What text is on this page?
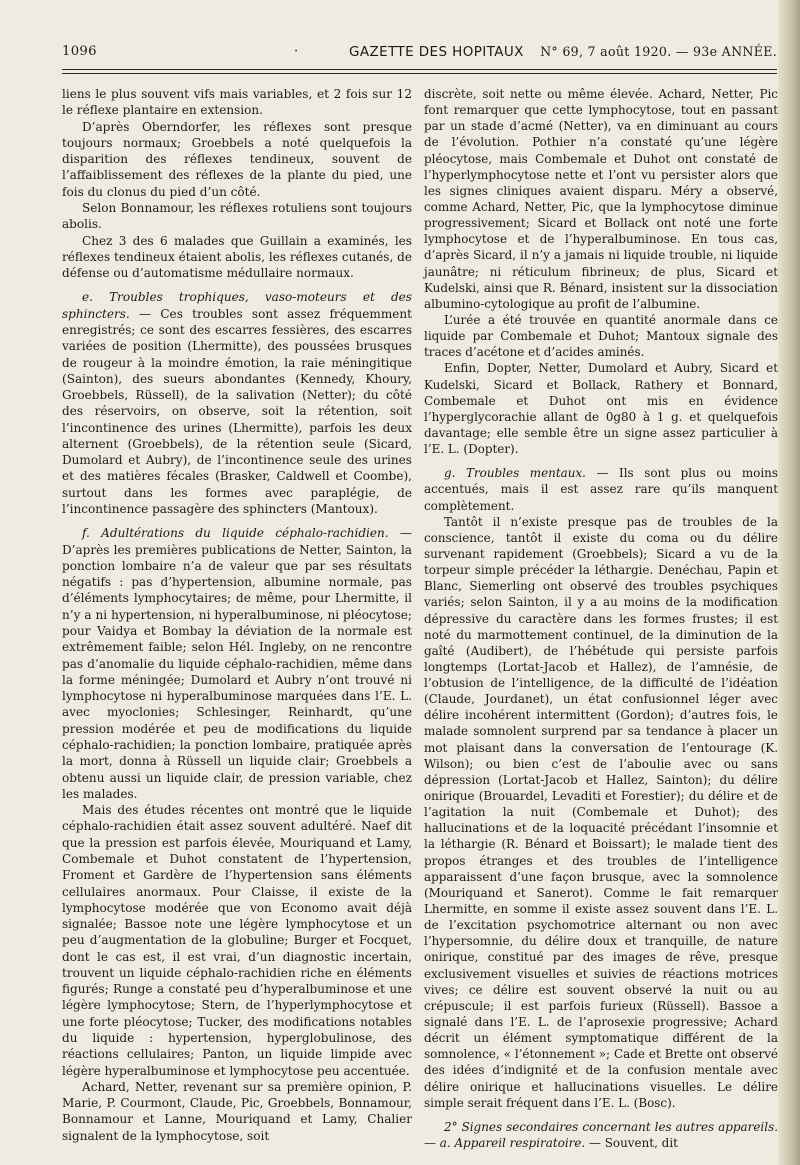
1096	·	GAZETTE DES HOPITAUX N° 69, 7 août 1920. — 93e ANNÉE.

liens le plus souvent vifs mais variables, et 2 fois sur 12 le réflexe plantaire en extension.

D’après Oberndorfer, les réflexes sont presque toujours normaux; Groebbels a noté quelquefois la disparition des réflexes tendineux, souvent de l’affaiblissement des réflexes de la plante du pied, une fois du clonus du pied d’un côté.

Selon Bonnamour, les réflexes rotuliens sont toujours abolis.

Chez 3 des 6 malades que Guillain a examinés, les réflexes tendineux étaient abolis, les réflexes cutanés, de défense ou d’automatisme médullaire normaux.

e. Troubles trophiques, vaso-moteurs et des sphincters. — Ces troubles sont assez fréquemment enregistrés; ce sont des escarres fessières, des escarres variées de position (Lhermitte), des poussées brusques de rougeur à la moindre émotion, la raie méningitique (Sainton), des sueurs abondantes (Kennedy, Khoury, Groebbels, Rüssell), de la salivation (Netter); du côté des réservoirs, on observe, soit la rétention, soit l’incontinence des urines (Lhermitte), parfois les deux alternent (Groebbels), de la rétention seule (Sicard, Dumolard et Aubry), de l’incontinence seule des urines et des matières fécales (Brasker, Caldwell et Coombe), surtout dans les formes avec paraplégie, de l’incontinence passagère des sphincters (Mantoux).

f. Adultérations du liquide céphalo-rachidien. — D’après les premières publications de Netter, Sainton, la ponction lombaire n’a de valeur que par ses résultats négatifs : pas d’hypertension, albumine normale, pas d’éléments lymphocytaires; de même, pour Lhermitte, il n’y a ni hypertension, ni hyperalbuminose, ni pléocytose; pour Vaidya et Bombay la déviation de la normale est extrêmement faible; selon Hél. Ingleby, on ne rencontre pas d’anomalie du liquide céphalo-rachidien, même dans la forme méningée; Dumolard et Aubry n’ont trouvé ni lymphocytose ni hyperalbuminose marquées dans l’E. L. avec myoclonies; Schlesinger, Reinhardt, qu’une pression modérée et peu de modifications du liquide céphalo-rachidien; la ponction lombaire, pratiquée après la mort, donna à Rüssell un liquide clair; Groebbels a obtenu aussi un liquide clair, de pression variable, chez les malades.

Mais des études récentes ont montré que le liquide céphalo-rachidien était assez souvent adultéré. Naef dit que la pression est parfois élevée, Mouriquand et Lamy, Combemale et Duhot constatent de l’hypertension, Froment et Gardère de l’hypertension sans éléments cellulaires anormaux. Pour Claisse, il existe de la lymphocytose modérée que von Economo avait déjà signalée; Bassoe note une légère lymphocytose et un peu d’augmentation de la globuline; Burger et Focquet, dont le cas est, il est vrai, d’un diagnostic incertain, trouvent un liquide céphalo-rachidien riche en éléments figurés; Runge a constaté peu d’hyperalbuminose et une légère lymphocytose; Stern, de l’hyperlymphocytose et une forte pléocytose; Tucker, des modifications notables du liquide : hypertension, hyperglobulinose, des réactions cellulaires; Panton, un liquide limpide avec légère hyperalbuminose et lymphocytose peu accentuée.

Achard, Netter, revenant sur sa première opinion, P. Marie, P. Courmont, Claude, Pic, Groebbels, Bonnamour, Bonnamour et Lanne, Mouriquand et Lamy, Chalier signalent de la lymphocytose, soit

discrète, soit nette ou même élevée. Achard, Netter, Pic font remarquer que cette lymphocytose, tout en passant par un stade d’acmé (Netter), va en diminuant au cours de l’évolution. Pothier n’a constaté qu’une légère pléocytose, mais Combemale et Duhot ont constaté de l’hyperlymphocytose nette et l’ont vu persister alors que les signes cliniques avaient disparu. Méry a observé, comme Achard, Netter, Pic, que la lymphocytose diminue progressivement; Sicard et Bollack ont noté une forte lymphocytose et de l’hyperalbuminose. En tous cas, d’après Sicard, il n’y a jamais ni liquide trouble, ni liquide jaunâtre; ni réticulum fibrineux; de plus, Sicard et Kudelski, ainsi que R. Bénard, insistent sur la dissociation albumino-cytologique au profit de l’albumine.

L’urée a été trouvée en quantité anormale dans ce liquide par Combemale et Duhot; Mantoux signale des traces d’acétone et d’acides aminés.

Enfin, Dopter, Netter, Dumolard et Aubry, Sicard et Kudelski, Sicard et Bollack, Rathery et Bonnard, Combemale et Duhot ont mis en évidence l’hyperglycorachie allant de 0g80 à 1 g. et quelquefois davantage; elle semble être un signe assez particulier à l’E. L. (Dopter).

g. Troubles mentaux. — Ils sont plus ou moins accentués, mais il est assez rare qu’ils manquent complètement.

Tantôt il n’existe presque pas de troubles de la conscience, tantôt il existe du coma ou du délire survenant rapidement (Groebbels); Sicard a vu de la torpeur simple précéder la léthargie. Denéchau, Papin et Blanc, Siemerling ont observé des troubles psychiques variés; selon Sainton, il y a au moins de la modification dépressive du caractère dans les formes frustes; il est noté du marmottement continuel, de la diminution de la gaîté (Audibert), de l’hébétude qui persiste parfois longtemps (Lortat-Jacob et Hallez), de l’amnésie, de l’obtusion de l’intelligence, de la difficulté de l’idéation (Claude, Jourdanet), un état confusionnel léger avec délire incohérent intermittent (Gordon); d’autres fois, le malade somnolent surprend par sa tendance à placer un mot plaisant dans la conversation de l’entourage (K. Wilson); ou bien c’est de l’aboulie avec ou sans dépression (Lortat-Jacob et Hallez, Sainton); du délire onirique (Brouardel, Levaditi et Forestier); du délire et de l’agitation la nuit (Combemale et Duhot); des hallucinations et de la loquacité précédant l’insomnie et la léthargie (R. Bénard et Boissart); le malade tient des propos étranges et des troubles de l’intelligence apparaissent d’une façon brusque, avec la somnolence (Mouriquand et Sanerot). Comme le fait remarquer Lhermitte, en somme il existe assez souvent dans l’E. L. de l’excitation psychomotrice alternant ou non avec l’hypersomnie, du délire doux et tranquille, de nature onirique, constitué par des images de rêve, presque exclusivement visuelles et suivies de réactions motrices vives; ce délire est souvent observé la nuit ou au crépuscule; il est parfois furieux (Rüssell). Bassoe a signalé dans l’E. L. de l’aprosexie progressive; Achard décrit un élément symptomatique différent de la somnolence, « l’étonnement »; Cade et Brette ont observé des idées d’indignité et de la confusion mentale avec délire onirique et hallucinations visuelles. Le délire simple serait fréquent dans l’E. L. (Bosc).

2° Signes secondaires concernant les autres appareils. — a. Appareil respiratoire. — Souvent, dit
